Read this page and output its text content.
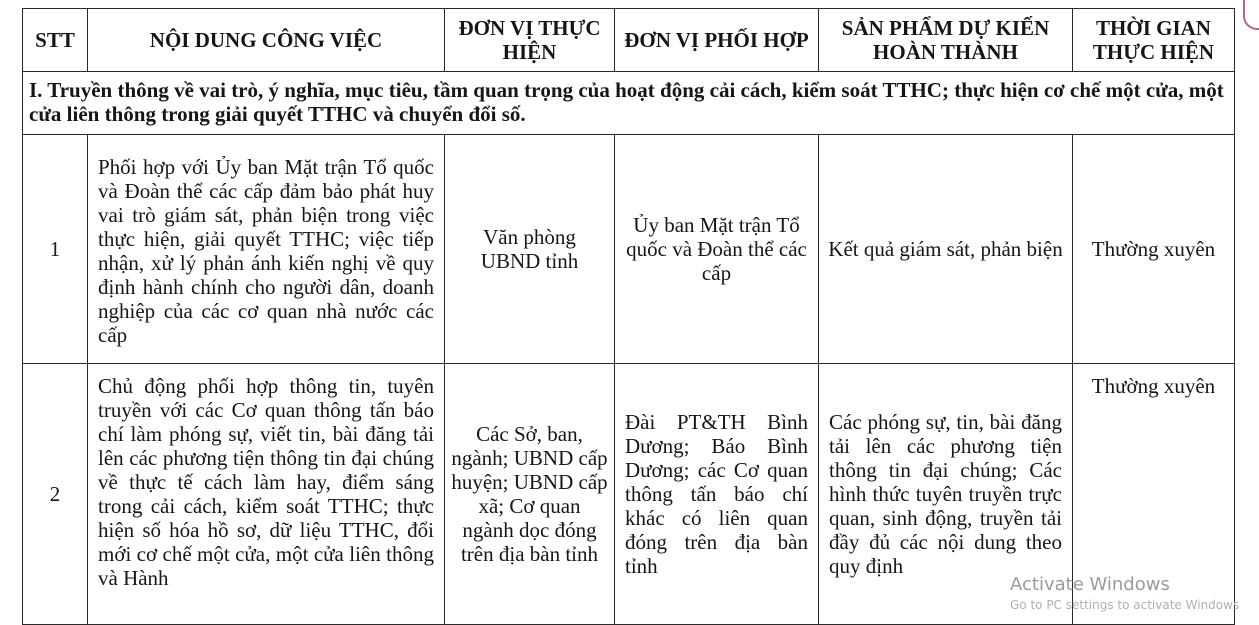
STT	NỘI DUNG CÔNG VIỆC	ĐƠN VỊ THỰC HIỆN	ĐƠN VỊ PHỐI HỢP	SẢN PHẨM DỰ KIẾN HOÀN THÀNH	THỜI GIAN THỰC HIỆN
I. Truyền thông về vai trò, ý nghĩa, mục tiêu, tầm quan trọng của hoạt động cải cách, kiểm soát TTHC; thực hiện cơ chế một cửa, một cửa liên thông trong giải quyết TTHC và chuyển đổi số.					
1	Phối hợp với Ủy ban Mặt trận Tổ quốc và Đoàn thể các cấp đảm bảo phát huy vai trò giám sát, phản biện trong việc thực hiện, giải quyết TTHC; việc tiếp nhận, xử lý phản ánh kiến nghị về quy định hành chính cho người dân, doanh nghiệp của các cơ quan nhà nước các cấp	Văn phòng UBND tỉnh	Ủy ban Mặt trận Tổ quốc và Đoàn thể các cấp	Kết quả giám sát, phản biện	Thường xuyên
2	Chủ động phối hợp thông tin, tuyên truyền với các Cơ quan thông tấn báo chí làm phóng sự, viết tin, bài đăng tải lên các phương tiện thông tin đại chúng về thực tế cách làm hay, điểm sáng trong cải cách, kiểm soát TTHC; thực hiện số hóa hồ sơ, dữ liệu TTHC, đổi mới cơ chế một cửa, một cửa liên thông và Hành	Các Sở, ban, ngành; UBND cấp huyện; UBND cấp xã; Cơ quan ngành dọc đóng trên địa bàn tỉnh	Đài PT&TH Bình Dương; Báo Bình Dương; các Cơ quan thông tấn báo chí khác có liên quan đóng trên địa bàn tỉnh	Các phóng sự, tin, bài đăng tải lên các phương tiện thông tin đại chúng; Các hình thức tuyên truyền trực quan, sinh động, truyền tải đầy đủ các nội dung theo quy định	Thường xuyên
Activate Windows
Go to PC settings to activate Windows
